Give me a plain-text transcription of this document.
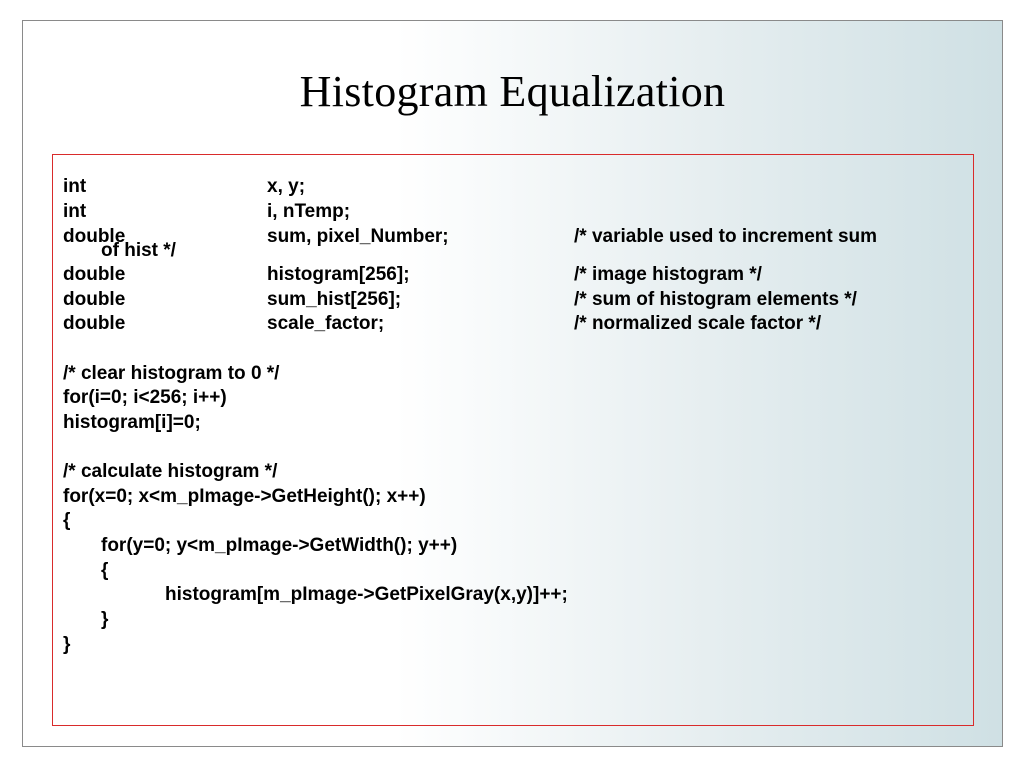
Histogram Equalization
int	x, y;
int	i, nTemp;
double	sum, pixel_Number;	/* variable used to increment sum
of hist */
double	histogram[256];	/* image histogram */
double	sum_hist[256];	/* sum of histogram elements */
double	scale_factor;	/* normalized scale factor */
/* clear histogram to 0 */
for(i=0; i<256; i++)
histogram[i]=0;
/* calculate histogram */
for(x=0; x<m_pImage->GetHeight(); x++)
{
for(y=0; y<m_pImage->GetWidth(); y++)
{
histogram[m_pImage->GetPixelGray(x,y)]++;
}
}
